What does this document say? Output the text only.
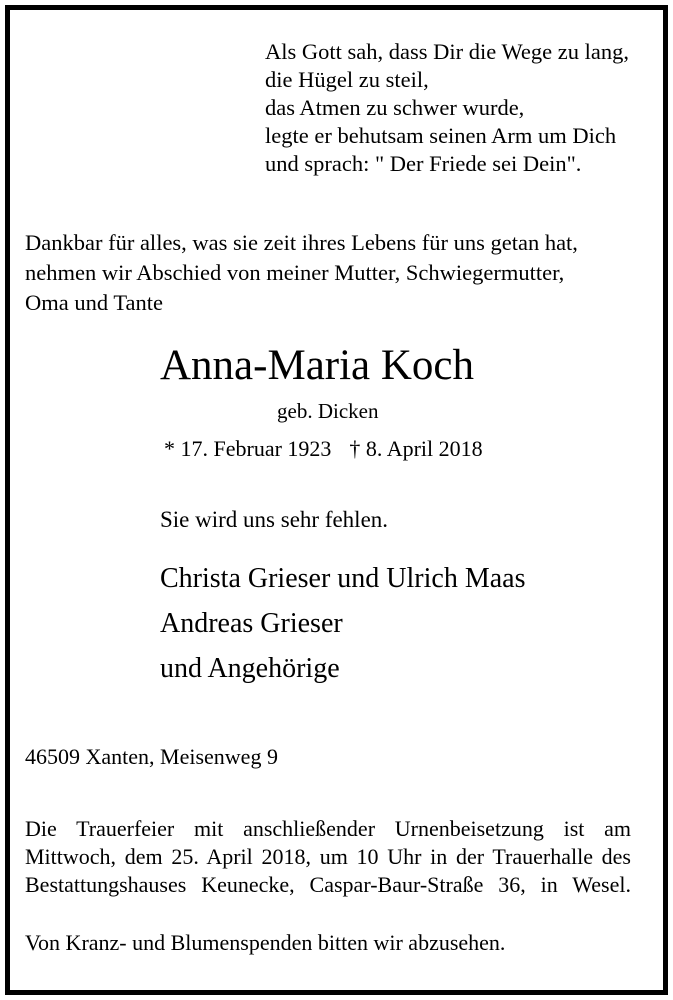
Als Gott sah, dass Dir die Wege zu lang,
die Hügel zu steil,
das Atmen zu schwer wurde,
legte er behutsam seinen Arm um Dich
und sprach: " Der Friede sei Dein".
Dankbar für alles, was sie zeit ihres Lebens für uns getan hat,
nehmen wir Abschied von meiner Mutter, Schwiegermutter,
Oma und Tante
Anna-Maria Koch
geb. Dicken
* 17. Februar 1923 † 8. April 2018
Sie wird uns sehr fehlen.
Christa Grieser und Ulrich Maas
Andreas Grieser
und Angehörige
46509 Xanten, Meisenweg 9
Die Trauerfeier mit anschließender Urnenbeisetzung ist am
Mittwoch, dem 25. April 2018, um 10 Uhr in der Trauerhalle des
Bestattungshauses Keunecke, Caspar-Baur-Straße 36, in Wesel.
Von Kranz- und Blumenspenden bitten wir abzusehen.
